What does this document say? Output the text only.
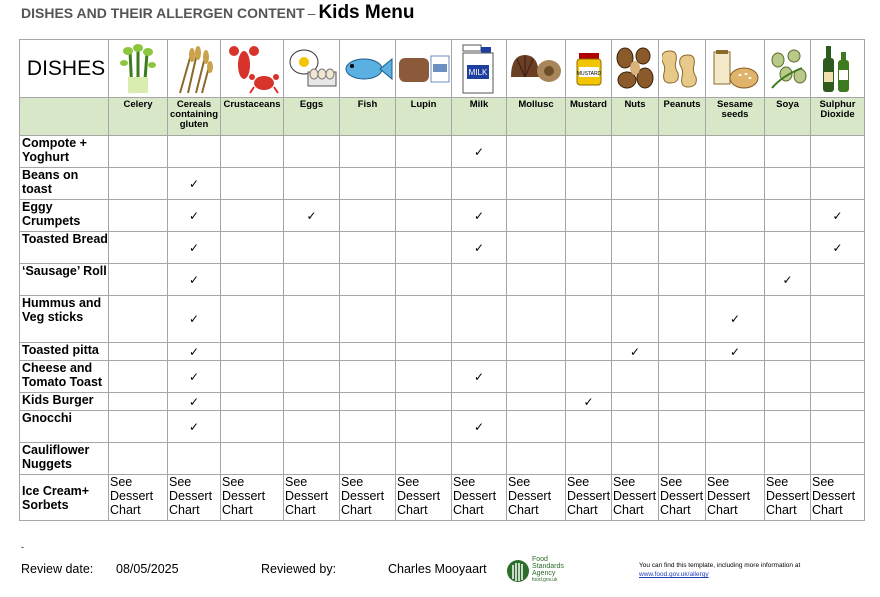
DISHES AND THEIR ALLERGEN CONTENT – Kids Menu
DISHES							MILK		MUSTARD

	Celery	Cereals containing gluten	Crustaceans	Eggs	Fish	Lupin	Milk	Mollusc	Mustard	Nuts	Peanuts	Sesame seeds	Soya	Sulphur Dioxide
Compote + Yoghurt							✓							
Beans on toast		✓												
Eggy Crumpets		✓		✓			✓							✓
Toasted Bread		✓					✓							✓
‘Sausage’ Roll		✓											✓	
Hummus and Veg sticks		✓										✓		
Toasted pitta		✓								✓		✓		
Cheese and Tomato Toast		✓					✓							
Kids Burger		✓							✓					
Gnocchi		✓					✓							
Cauliflower Nuggets														
Ice Cream+ Sorbets	See
Dessert
Chart	See
Dessert
Chart	See
Dessert
Chart	See
Dessert
Chart	See
Dessert
Chart	See
Dessert
Chart	See
Dessert
Chart	See
Dessert
Chart	See
Dessert
Chart	See
Dessert
Chart	See
Dessert
Chart	See
Dessert
Chart	See
Dessert
Chart	See
Dessert
Chart
-
Review date: 08/05/2025	Reviewed by:	Charles Mooyaart
Food
Standards
Agency
food.gov.uk
You can find this template, including more information at
www.food.gov.uk/allergy
